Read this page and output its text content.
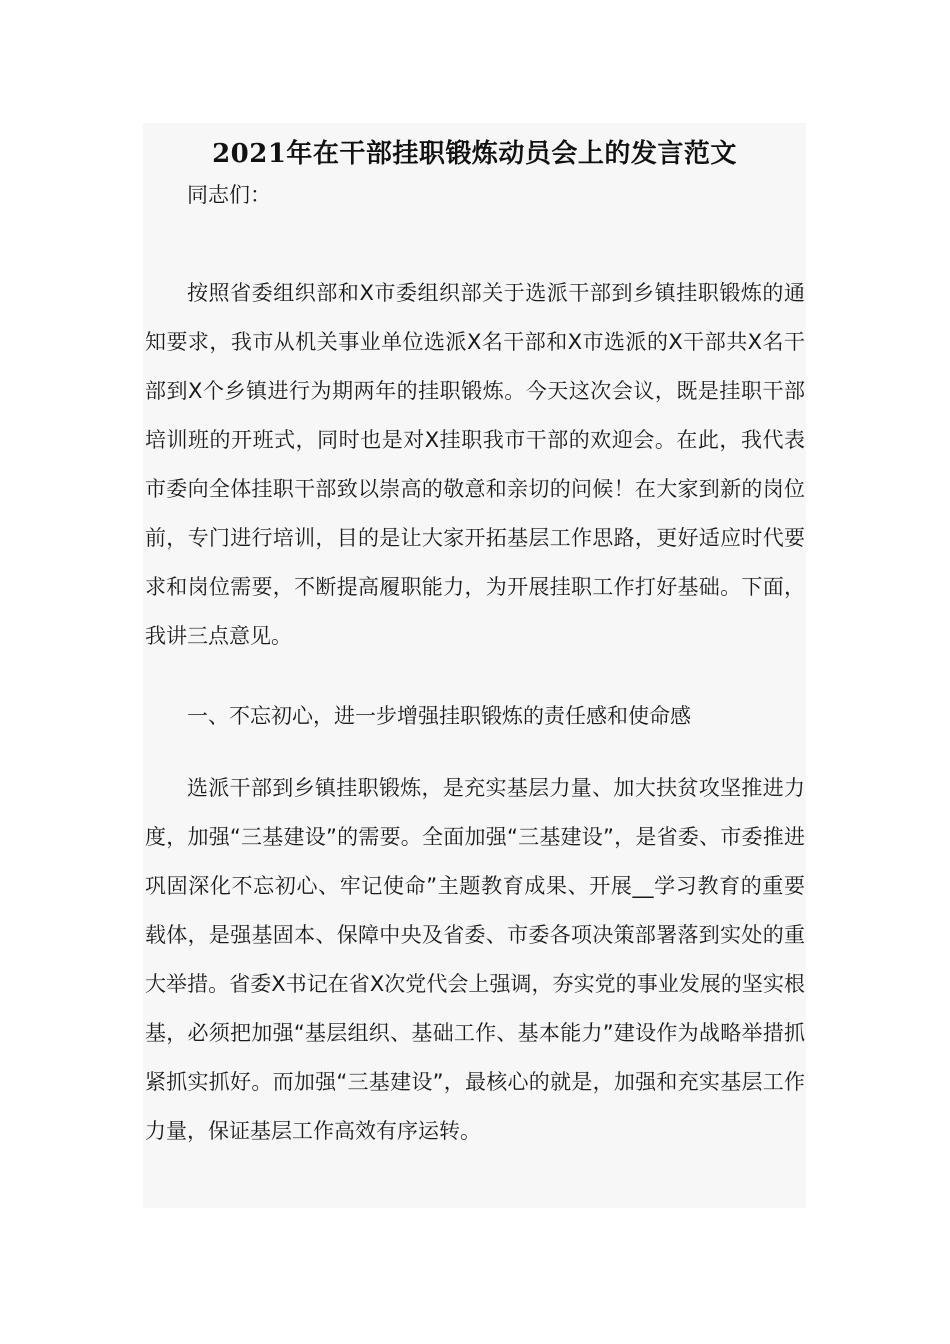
2021年在干部挂职锻炼动员会上的发言范文

同志们：

按照省委组织部和X市委组织部关于选派干部到乡镇挂职锻炼的通知要求，我市从机关事业单位选派X名干部和X市选派的X干部共X名干部到X个乡镇进行为期两年的挂职锻炼。今天这次会议，既是挂职干部培训班的开班式，同时也是对X挂职我市干部的欢迎会。在此，我代表市委向全体挂职干部致以崇高的敬意和亲切的问候！在大家到新的岗位前，专门进行培训，目的是让大家开拓基层工作思路，更好适应时代要求和岗位需要，不断提高履职能力，为开展挂职工作打好基础。下面，我讲三点意见。

一、不忘初心，进一步增强挂职锻炼的责任感和使命感

选派干部到乡镇挂职锻炼，是充实基层力量、加大扶贫攻坚推进力度，加强“三基建设”的需要。全面加强“三基建设”，是省委、市委推进巩固深化不忘初心、牢记使命”主题教育成果、开展__学习教育的重要载体，是强基固本、保障中央及省委、市委各项决策部署落到实处的重大举措。省委X书记在省X次党代会上强调，夯实党的事业发展的坚实根基，必须把加强“基层组织、基础工作、基本能力”建设作为战略举措抓紧抓实抓好。而加强“三基建设”，最核心的就是，加强和充实基层工作力量，保证基层工作高效有序运转。
